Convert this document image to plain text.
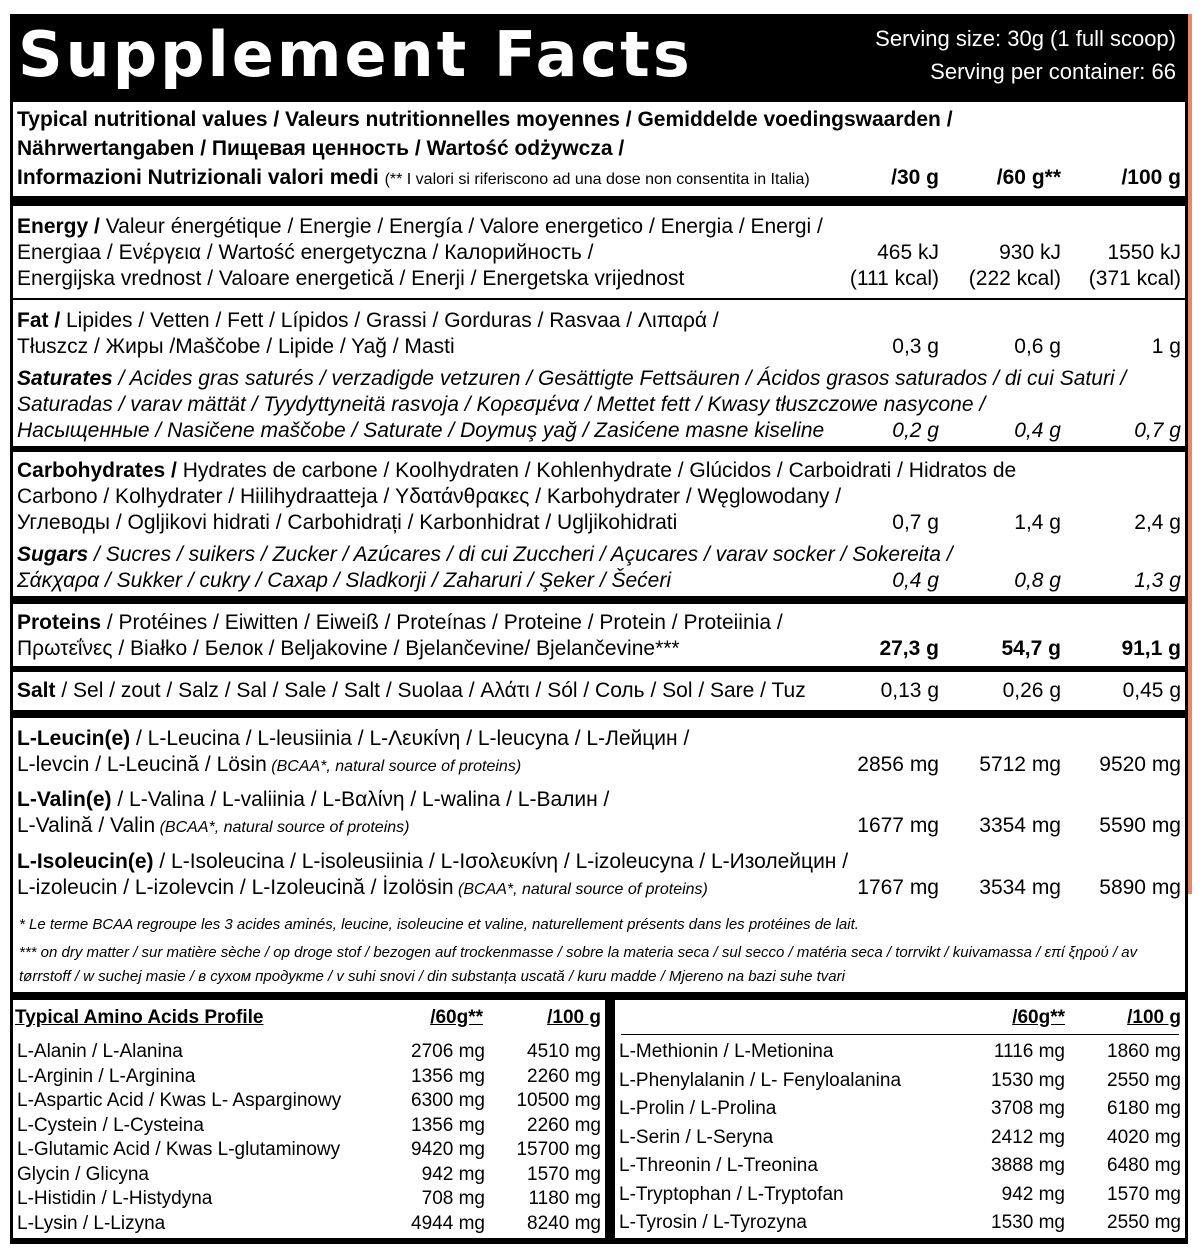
Supplement Facts	Serving size: 30g (1 full scoop)
Serving per container: 66
Typical nutritional values / Valeurs nutritionnelles moyennes / Gemiddelde voedingswaarden /
Nährwertangaben / Пищевая ценность / Wartość odżywcza /
Informazioni Nutrizionali valori medi (** I valori si riferiscono ad una dose non consentita in Italia)	/30 g	/60 g**	/100 g
Energy / Valeur énergétique / Energie / Energía / Valore energetico / Energia / Energi /
Energiaa / Ενέργεια / Wartość energetyczna / Калорийность /
Energijska vrednost / Valoare energetică / Enerji / Energetska vrijednost
465 kJ	930 kJ 1550 kJ
(111 kcal) (222 kcal) (371 kcal)
Fat / Lipides / Vetten / Fett / Lípidos / Grassi / Gorduras / Rasvaa / Λιπαρά /
Tłuszcz / Жиры /Maščobe / Lipide / Yağ / Masti	0,3 g	0,6 g	1 g
Saturates / Acides gras saturés / verzadigde vetzuren / Gesättigte Fettsäuren / Ácidos grasos saturados / di cui Saturi /
Saturadas / varav mättät / Tyydyttyneitä rasvoja / Κορεσμένα / Mettet fett / Kwasy tłuszczowe nasycone /
Насыщенные / Nasičene maščobe / Saturate / Doymuş yağ / Zasićene masne kiseline	0,2 g	0,4 g	0,7 g
Carbohydrates / Hydrates de carbone / Koolhydraten / Kohlenhydrate / Glúcidos / Carboidrati / Hidratos de
Carbono / Kolhydrater / Hiilihydraatteja / Υδατάνθρακες / Karbohydrater / Węglowodany /
Углеводы / Ogljikovi hidrati / Carbohidrați / Karbonhidrat / Ugljikohidrati	0,7 g	1,4 g	2,4 g
Sugars / Sucres / suikers / Zucker / Azúcares / di cui Zuccheri / Açucares / varav socker / Sokereita /
Σάκχαρα / Sukker / cukry / Сахар / Sladkorji / Zaharuri / Şeker / Šećeri	0,4 g	0,8 g	1,3 g
Proteins / Protéines / Eiwitten / Eiweiß / Proteínas / Proteine / Protein / Proteiinia /
Πρωτεΐνες / Białko / Белок / Beljakovine / Bjelančevine/ Bjelančevine***	27,3 g	54,7 g	91,1 g
Salt / Sel / zout / Salz / Sal / Sale / Salt / Suolaa / Αλάτι / Sól / Соль / Sol / Sare / Tuz	0,13 g	0,26 g	0,45 g
L-Leucin(e) / L-Leucina / L-leusiinia / L-Λευκίνη / L-leucyna / L-Лейцин /
L-levcin / L-Leucină / Lösin (BCAA*, natural source of proteins)	2856 mg 5712 mg 9520 mg
L-Valin(e) / L-Valina / L-valiinia / L-Βαλίνη / L-walina / L-Валин /
L-Valină / Valin (BCAA*, natural source of proteins)	1677 mg 3354 mg 5590 mg
L-Isoleucin(e) / L-Isoleucina / L-isoleusiinia / L-Ισολευκίνη / L-izoleucyna / L-Изолейцин /
L-izoleucin / L-izolevcin / L-Izoleucină / İzolösin (BCAA*, natural source of proteins)	1767 mg 3534 mg 5890 mg
* Le terme BCAA regroupe les 3 acides aminés, leucine, isoleucine et valine, naturellement présents dans les protéines de lait.
*** on dry matter / sur matière sèche / op droge stof / bezogen auf trockenmasse / sobre la materia seca / sul secco / matéria seca / torrvikt / kuivamassa / επί ξηρού / av
tørrstoff / w suchej masie / в сухом продукте / v suhi snovi / din substanța uscată / kuru madde / Mjereno na bazi suhe tvari
Typical Amino Acids Profile	/60g**	/100 g
L-Alanin / L-Alanina	2706 mg 4510 mg
L-Arginin / L-Arginina	1356 mg 2260 mg
L-Aspartic Acid / Kwas L- Asparginowy	6300 mg 10500 mg
L-Cystein / L-Cysteina	1356 mg 2260 mg
L-Glutamic Acid / Kwas L-glutaminowy	9420 mg 15700 mg
Glycin / Glicyna	942 mg 1570 mg
L-Histidin / L-Histydyna	708 mg 1180 mg
L-Lysin / L-Lizyna	4944 mg 8240 mg
/60g**	/100 g
L-Methionin / L-Metionina	1116 mg 1860 mg
L-Phenylalanin / L- Fenyloalanina	1530 mg 2550 mg
L-Prolin / L-Prolina	3708 mg 6180 mg
L-Serin / L-Seryna	2412 mg 4020 mg
L-Threonin / L-Treonina	3888 mg 6480 mg
L-Tryptophan / L-Tryptofan	942 mg 1570 mg
L-Tyrosin / L-Tyrozyna	1530 mg 2550 mg
